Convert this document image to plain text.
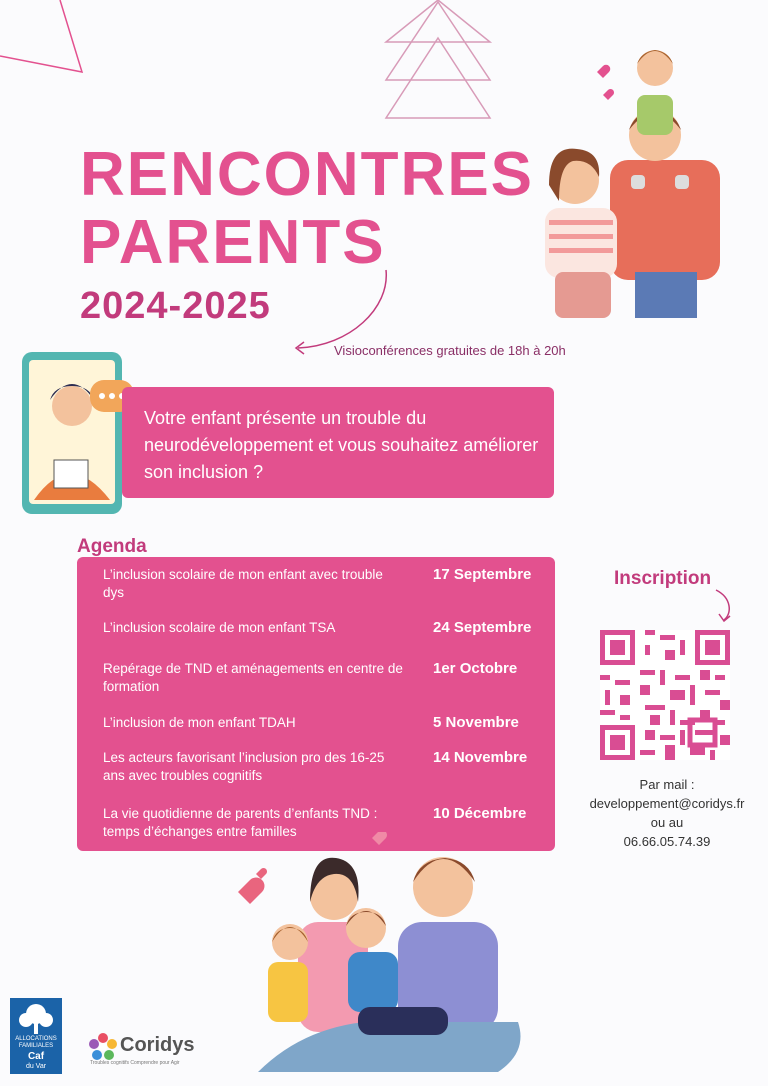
RENCONTRES
PARENTS
2024-2025
Visioconférences gratuites de 18h à 20h
Votre enfant présente un trouble du neurodéveloppement et vous souhaitez améliorer son inclusion ?
Agenda
L’inclusion scolaire de mon enfant avec trouble dys
17 Septembre
L’inclusion scolaire de mon enfant TSA	24 Septembre
Repérage de TND et aménagements en centre de formation
1er Octobre
L’inclusion de mon enfant TDAH	5 Novembre
Les acteurs favorisant l’inclusion pro des 16-25 ans avec troubles cognitifs
14 Novembre
La vie quotidienne de parents d’enfants TND : temps d’échanges entre familles
10 Décembre
Inscription
Par mail :
developpement@coridys.fr
ou au
06.66.05.74.39
ALLOCATIONS
FAMILIALES
Caf
du Var
Coridys
Troubles cognitifs Comprendre pour Agir
